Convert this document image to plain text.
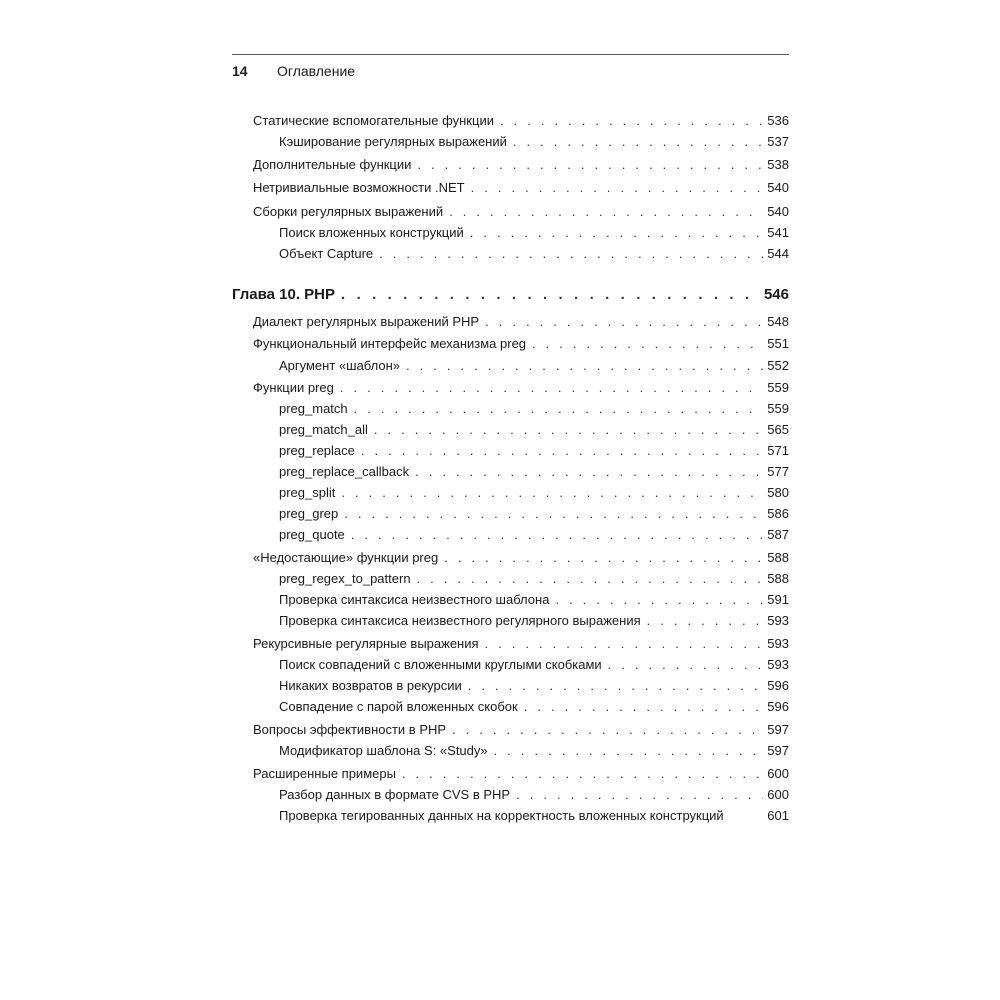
14 Оглавление
Статические вспомогательные функции . . .	536
Кэширование регулярных выражений . . .	537
Дополнительные функции . . .	538
Нетривиальные возможности .NET . . .	540
Сборки регулярных выражений . . .	540
Поиск вложенных конструкций . . .	541
Объект Capture . . .	544
Глава 10. PHP . . .	546
Диалект регулярных выражений PHP . . .	548
Функциональный интерфейс механизма preg . . .	551
Аргумент «шаблон» . . .	552
Функции preg . . .	559
preg_match . . .	559
preg_match_all . . .	565
preg_replace . . .	571
preg_replace_callback . . .	577
preg_split . . .	580
preg_grep . . .	586
preg_quote . . .	587
«Недостающие» функции preg . . .	588
preg_regex_to_pattern . . .	588
Проверка синтаксиса неизвестного шаблона . . .	591
Проверка синтаксиса неизвестного регулярного выражения . . .	593
Рекурсивные регулярные выражения . . .	593
Поиск совпадений с вложенными круглыми скобками . . .	593
Никаких возвратов в рекурсии . . .	596
Совпадение с парой вложенных скобок . . .	596
Вопросы эффективности в PHP . . .	597
Модификатор шаблона S: «Study» . . .	597
Расширенные примеры . . .	600
Разбор данных в формате CVS в PHP . . .	600
Проверка тегированных данных на корректность вложенных конструкций	601
